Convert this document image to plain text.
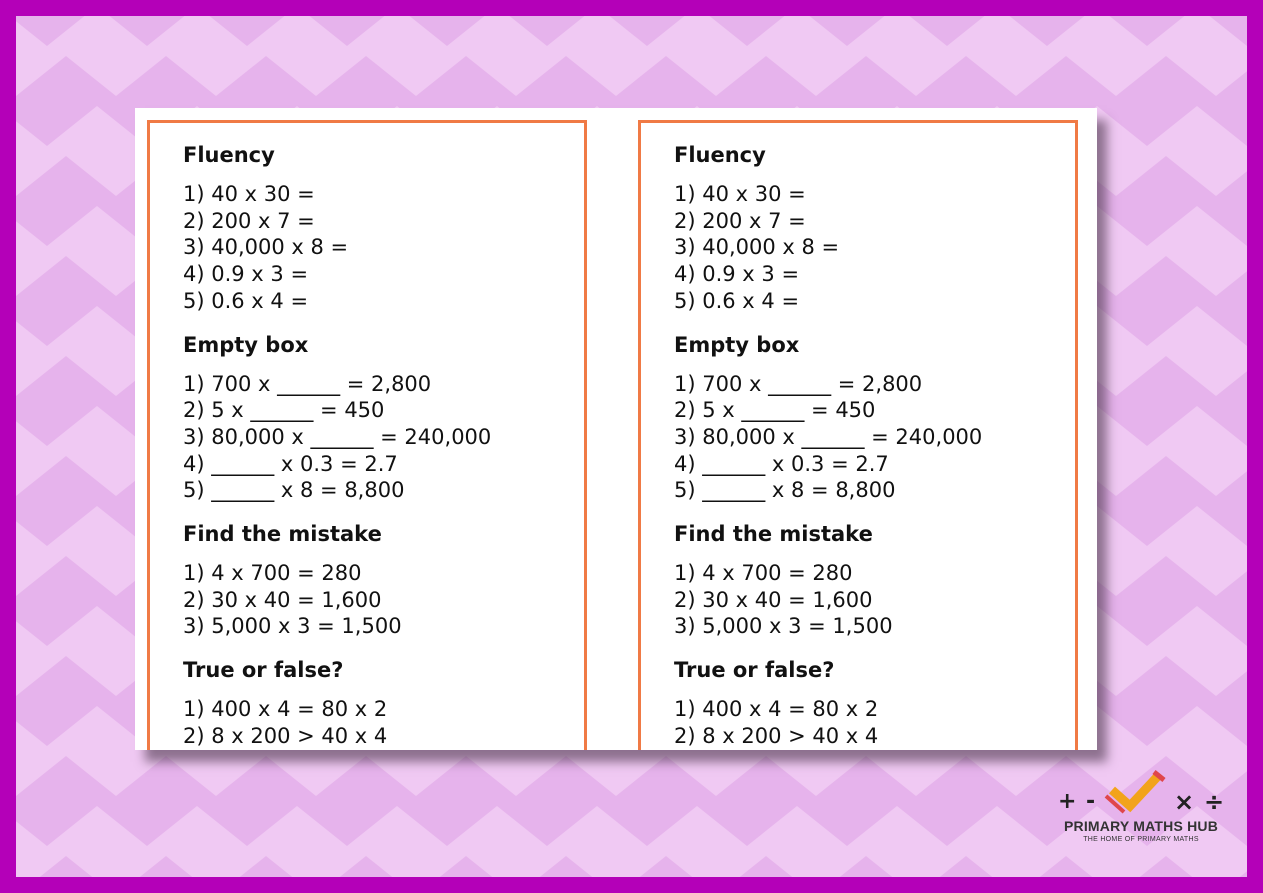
Fluency
1) 40 x 30 =
2) 200 x 7 =
3) 40,000 x 8 =
4) 0.9 x 3 =
5) 0.6 x 4 =
Empty box
1) 700 x ______ = 2,800
2) 5 x ______ = 450
3) 80,000 x ______ = 240,000
4) ______ x 0.3 = 2.7
5) ______ x 8 = 8,800
Find the mistake
1) 4 x 700 = 280
2) 30 x 40 = 1,600
3) 5,000 x 3 = 1,500
True or false?
1) 400 x 4 = 80 x 2
2) 8 x 200 > 40 x 4
Fluency
1) 40 x 30 =
2) 200 x 7 =
3) 40,000 x 8 =
4) 0.9 x 3 =
5) 0.6 x 4 =
Empty box
1) 700 x ______ = 2,800
2) 5 x ______ = 450
3) 80,000 x ______ = 240,000
4) ______ x 0.3 = 2.7
5) ______ x 8 = 8,800
Find the mistake
1) 4 x 700 = 280
2) 30 x 40 = 1,600
3) 5,000 x 3 = 1,500
True or false?
1) 400 x 4 = 80 x 2
2) 8 x 200 > 40 x 4
+ -	× ÷
PRIMARY MATHS HUB
THE HOME OF PRIMARY MATHS
